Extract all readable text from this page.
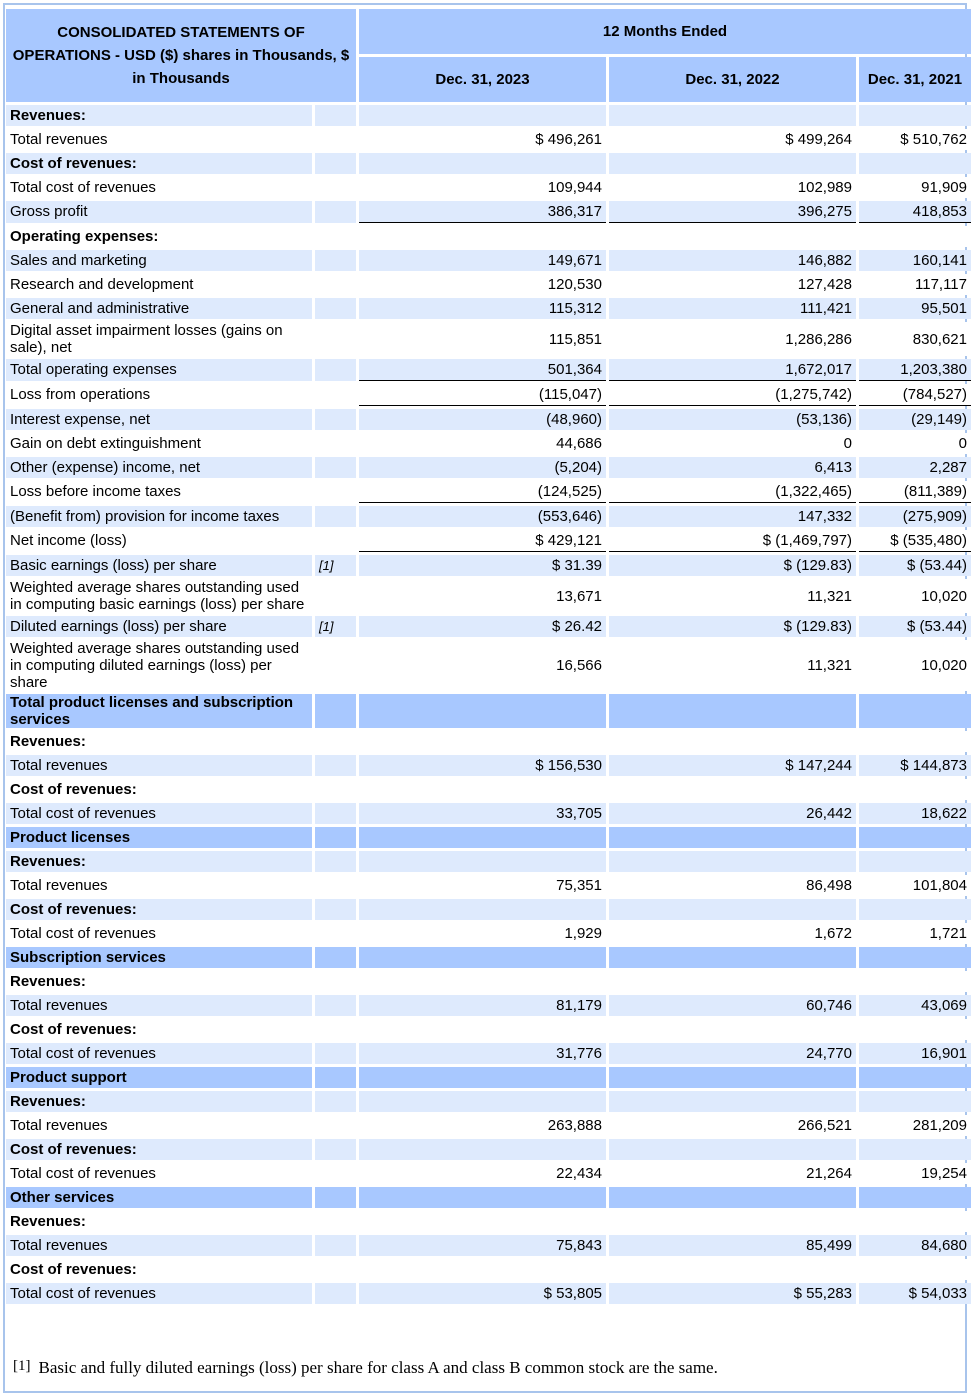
CONSOLIDATED STATEMENTS OF OPERATIONS - USD ($) shares in Thousands, $ in Thousands		12 Months Ended		
		Dec. 31, 2023	Dec. 31, 2022	Dec. 31, 2021
Revenues:				
Total revenues		$ 496,261	$ 499,264	$ 510,762
Cost of revenues:				
Total cost of revenues		109,944	102,989	91,909
Gross profit		386,317	396,275	418,853
Operating expenses:				
Sales and marketing		149,671	146,882	160,141
Research and development		120,530	127,428	117,117
General and administrative		115,312	111,421	95,501
Digital asset impairment losses (gains on sale), net		115,851	1,286,286	830,621
Total operating expenses		501,364	1,672,017	1,203,380
Loss from operations		(115,047)	(1,275,742)	(784,527)
Interest expense, net		(48,960)	(53,136)	(29,149)
Gain on debt extinguishment		44,686	0	0
Other (expense) income, net		(5,204)	6,413	2,287
Loss before income taxes		(124,525)	(1,322,465)	(811,389)
(Benefit from) provision for income taxes		(553,646)	147,332	(275,909)
Net income (loss)		$ 429,121	$ (1,469,797)	$ (535,480)
Basic earnings (loss) per share	[1]	$ 31.39	$ (129.83)	$ (53.44)
Weighted average shares outstanding used in computing basic earnings (loss) per share		13,671	11,321	10,020
Diluted earnings (loss) per share	[1]	$ 26.42	$ (129.83)	$ (53.44)
Weighted average shares outstanding used in computing diluted earnings (loss) per share		16,566	11,321	10,020
Total product licenses and subscription services				
Revenues:				
Total revenues		$ 156,530	$ 147,244	$ 144,873
Cost of revenues:				
Total cost of revenues		33,705	26,442	18,622
Product licenses				
Revenues:				
Total revenues		75,351	86,498	101,804
Cost of revenues:				
Total cost of revenues		1,929	1,672	1,721
Subscription services				
Revenues:				
Total revenues		81,179	60,746	43,069
Cost of revenues:				
Total cost of revenues		31,776	24,770	16,901
Product support				
Revenues:				
Total revenues		263,888	266,521	281,209
Cost of revenues:				
Total cost of revenues		22,434	21,264	19,254
Other services				
Revenues:				
Total revenues		75,843	85,499	84,680
Cost of revenues:				
Total cost of revenues		$ 53,805	$ 55,283	$ 54,033
[1] Basic and fully diluted earnings (loss) per share for class A and class B common stock are the same.
